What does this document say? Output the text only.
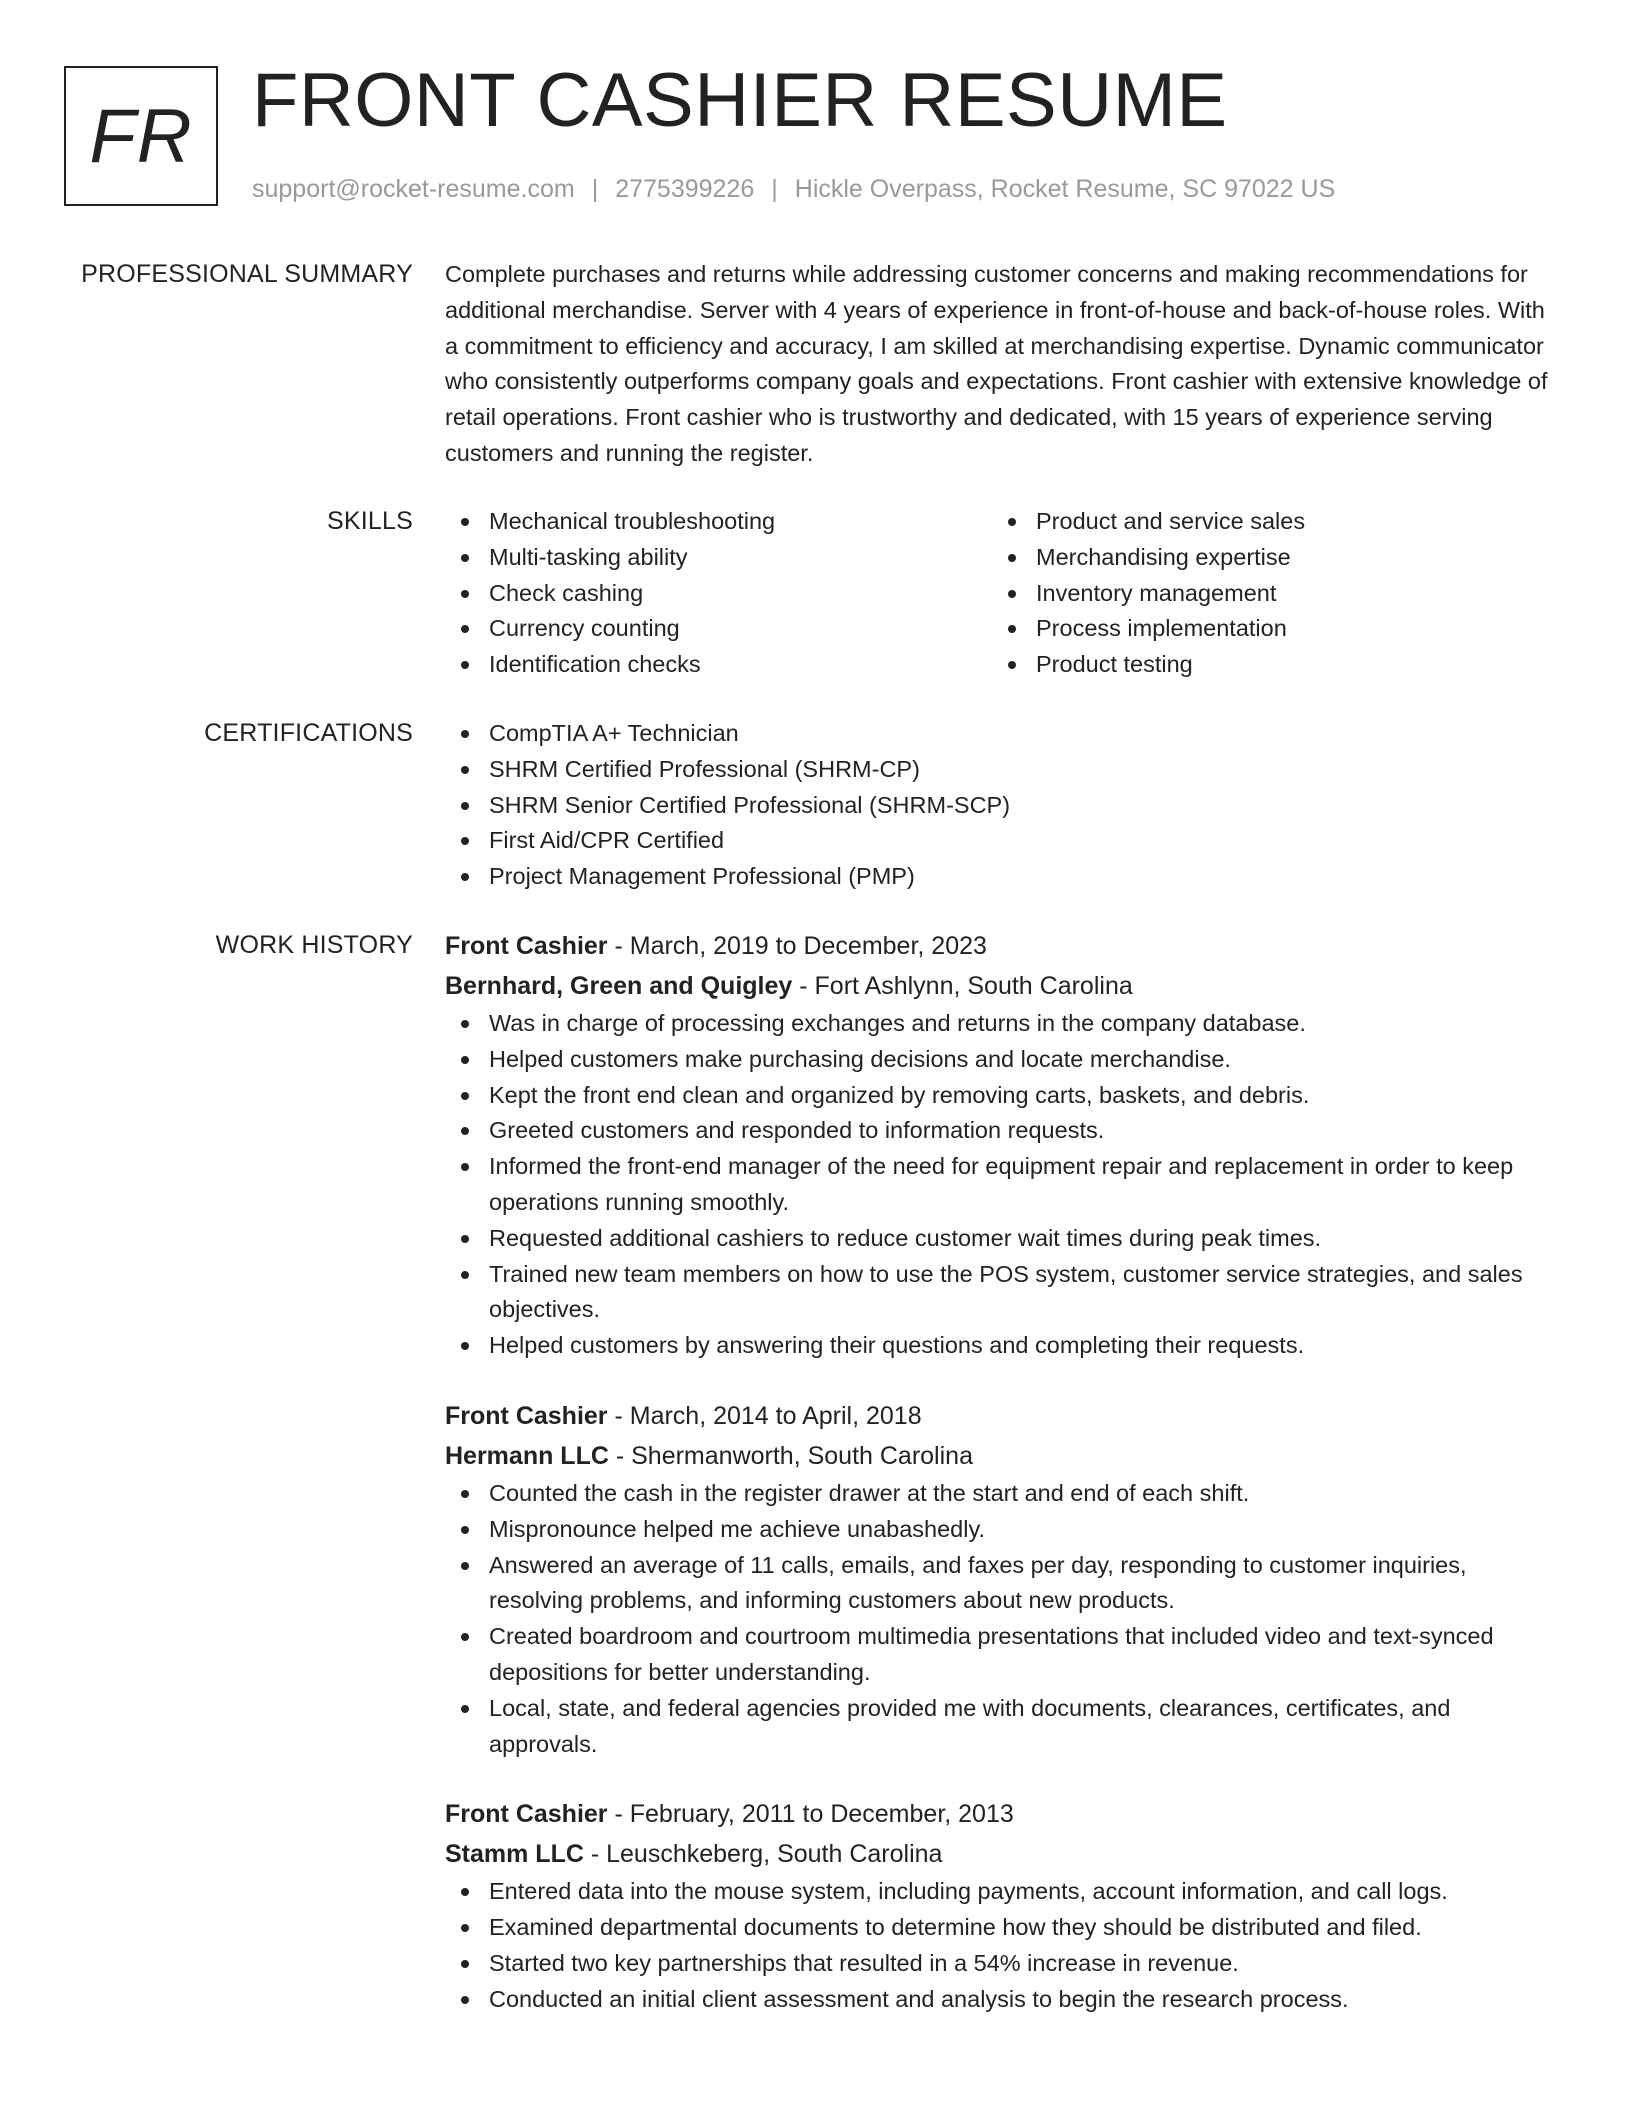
FR FRONT CASHIER RESUME
support@rocket-resume.com | 2775399226 | Hickle Overpass, Rocket Resume, SC 97022 US
PROFESSIONAL SUMMARY Complete purchases and returns while addressing customer concerns and making recommendations for additional merchandise. Server with 4 years of experience in front-of-house and back-of-house roles. With a commitment to efficiency and accuracy, I am skilled at merchandising expertise. Dynamic communicator who consistently outperforms company goals and expectations. Front cashier with extensive knowledge of retail operations. Front cashier who is trustworthy and dedicated, with 15 years of experience serving customers and running the register.

SKILLS	Mechanical troubleshooting
Multi-tasking ability
Check cashing
Currency counting
Identification checks
Product and service sales
Merchandising expertise
Inventory management
Process implementation
Product testing
CERTIFICATIONS	CompTIA A+ Technician
SHRM Certified Professional (SHRM-CP)
SHRM Senior Certified Professional (SHRM-SCP)
First Aid/CPR Certified
Project Management Professional (PMP)
WORK HISTORY Front Cashier - March, 2019 to December, 2023
Bernhard, Green and Quigley - Fort Ashlynn, South Carolina
Was in charge of processing exchanges and returns in the company database.
Helped customers make purchasing decisions and locate merchandise.
Kept the front end clean and organized by removing carts, baskets, and debris.
Greeted customers and responded to information requests.
Informed the front-end manager of the need for equipment repair and replacement in order to keep operations running smoothly.
Requested additional cashiers to reduce customer wait times during peak times.
Trained new team members on how to use the POS system, customer service strategies, and sales objectives.
Helped customers by answering their questions and completing their requests.
Front Cashier - March, 2014 to April, 2018
Hermann LLC - Shermanworth, South Carolina
Counted the cash in the register drawer at the start and end of each shift.
Mispronounce helped me achieve unabashedly.
Answered an average of 11 calls, emails, and faxes per day, responding to customer inquiries, resolving problems, and informing customers about new products.
Created boardroom and courtroom multimedia presentations that included video and text-synced depositions for better understanding.
Local, state, and federal agencies provided me with documents, clearances, certificates, and approvals.
Front Cashier - February, 2011 to December, 2013
Stamm LLC - Leuschkeberg, South Carolina
Entered data into the mouse system, including payments, account information, and call logs.
Examined departmental documents to determine how they should be distributed and filed.
Started two key partnerships that resulted in a 54% increase in revenue.
Conducted an initial client assessment and analysis to begin the research process.
